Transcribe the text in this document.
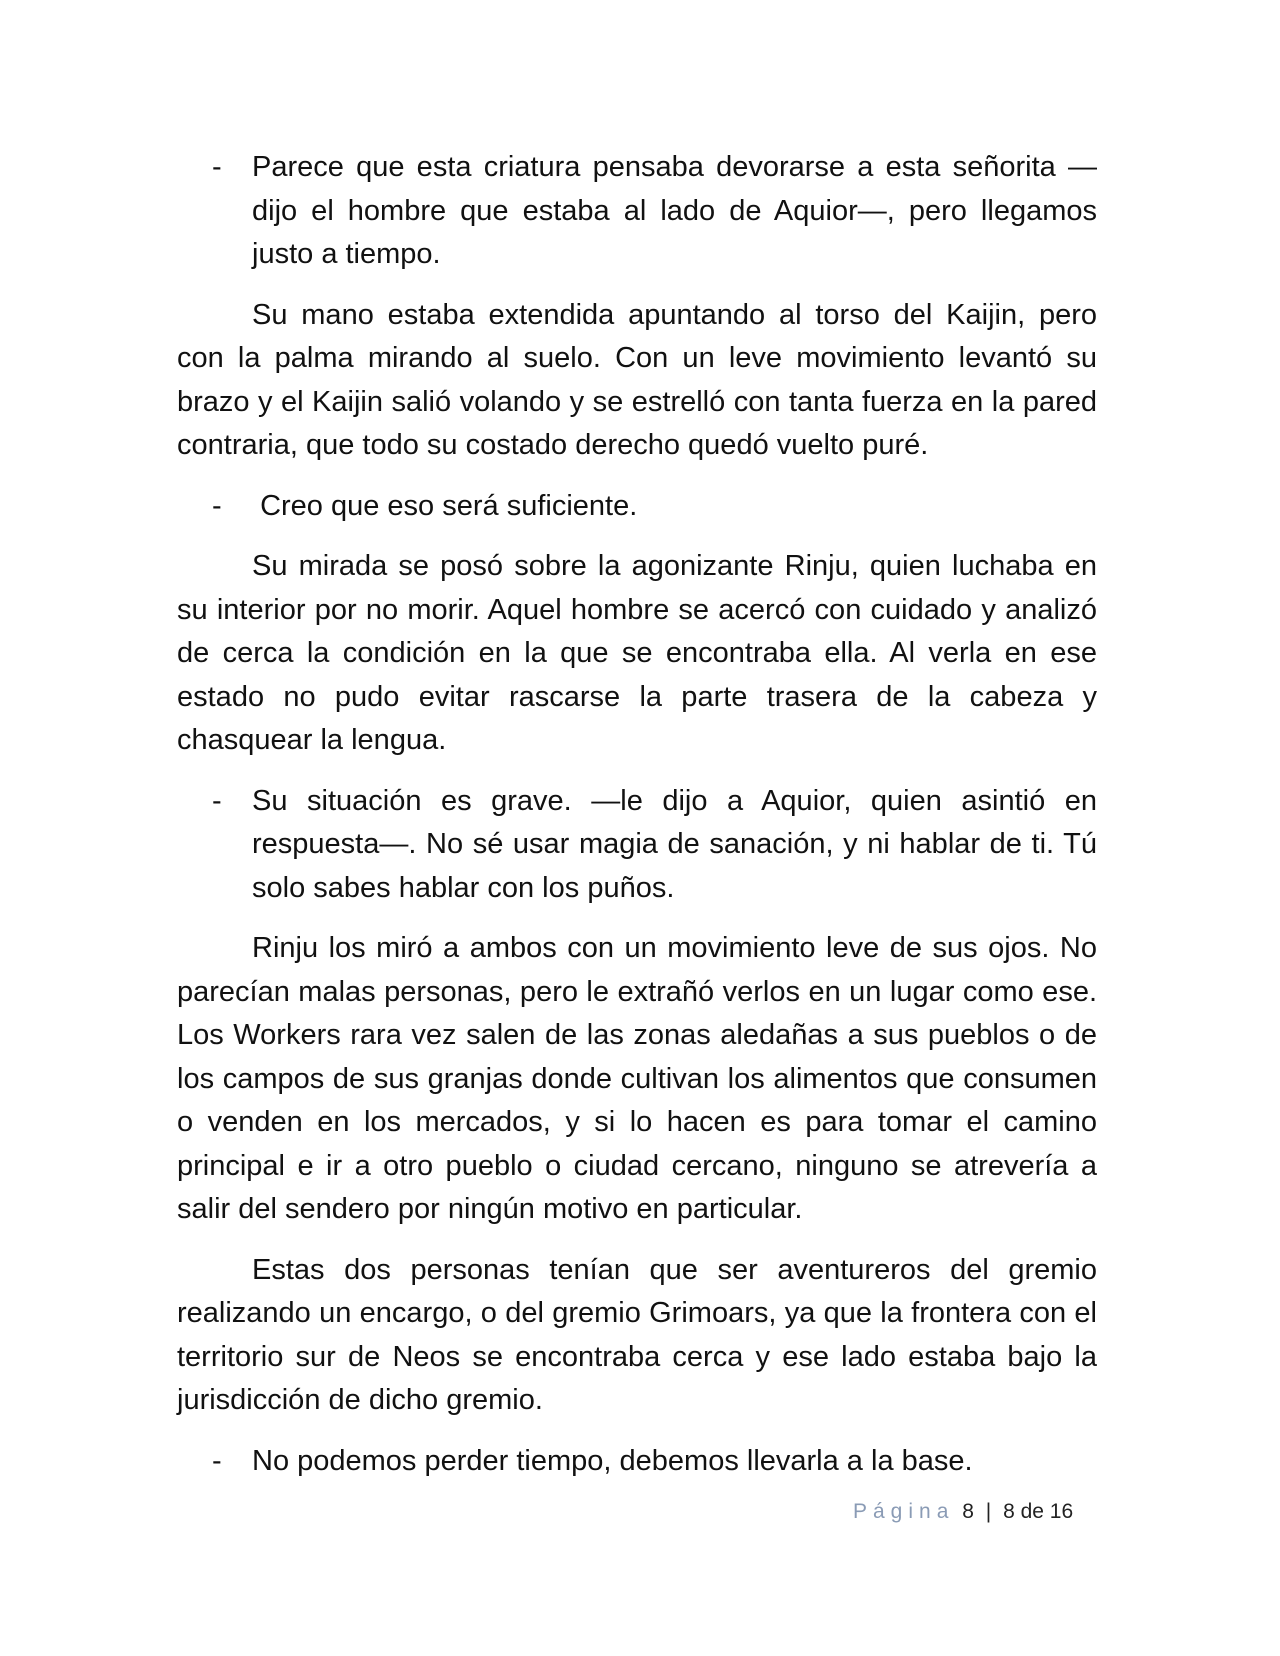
-	Parece que esta criatura pensaba devorarse a esta señorita —dijo el hombre que estaba al lado de Aquior—, pero llegamos justo a tiempo.

Su mano estaba extendida apuntando al torso del Kaijin, pero con la palma mirando al suelo. Con un leve movimiento levantó su brazo y el Kaijin salió volando y se estrelló con tanta fuerza en la pared contraria, que todo su costado derecho quedó vuelto puré.

-	Creo que eso será suficiente.

Su mirada se posó sobre la agonizante Rinju, quien luchaba en su interior por no morir. Aquel hombre se acercó con cuidado y analizó de cerca la condición en la que se encontraba ella. Al verla en ese estado no pudo evitar rascarse la parte trasera de la cabeza y chasquear la lengua.

-	Su situación es grave. —le dijo a Aquior, quien asintió en respuesta—. No sé usar magia de sanación, y ni hablar de ti. Tú solo sabes hablar con los puños.

Rinju los miró a ambos con un movimiento leve de sus ojos. No parecían malas personas, pero le extrañó verlos en un lugar como ese. Los Workers rara vez salen de las zonas aledañas a sus pueblos o de los campos de sus granjas donde cultivan los alimentos que consumen o venden en los mercados, y si lo hacen es para tomar el camino principal e ir a otro pueblo o ciudad cercano, ninguno se atrevería a salir del sendero por ningún motivo en particular.

Estas dos personas tenían que ser aventureros del gremio realizando un encargo, o del gremio Grimoars, ya que la frontera con el territorio sur de Neos se encontraba cerca y ese lado estaba bajo la jurisdicción de dicho gremio.

-	No podemos perder tiempo, debemos llevarla a la base.
Página 8 | 8 de 16
